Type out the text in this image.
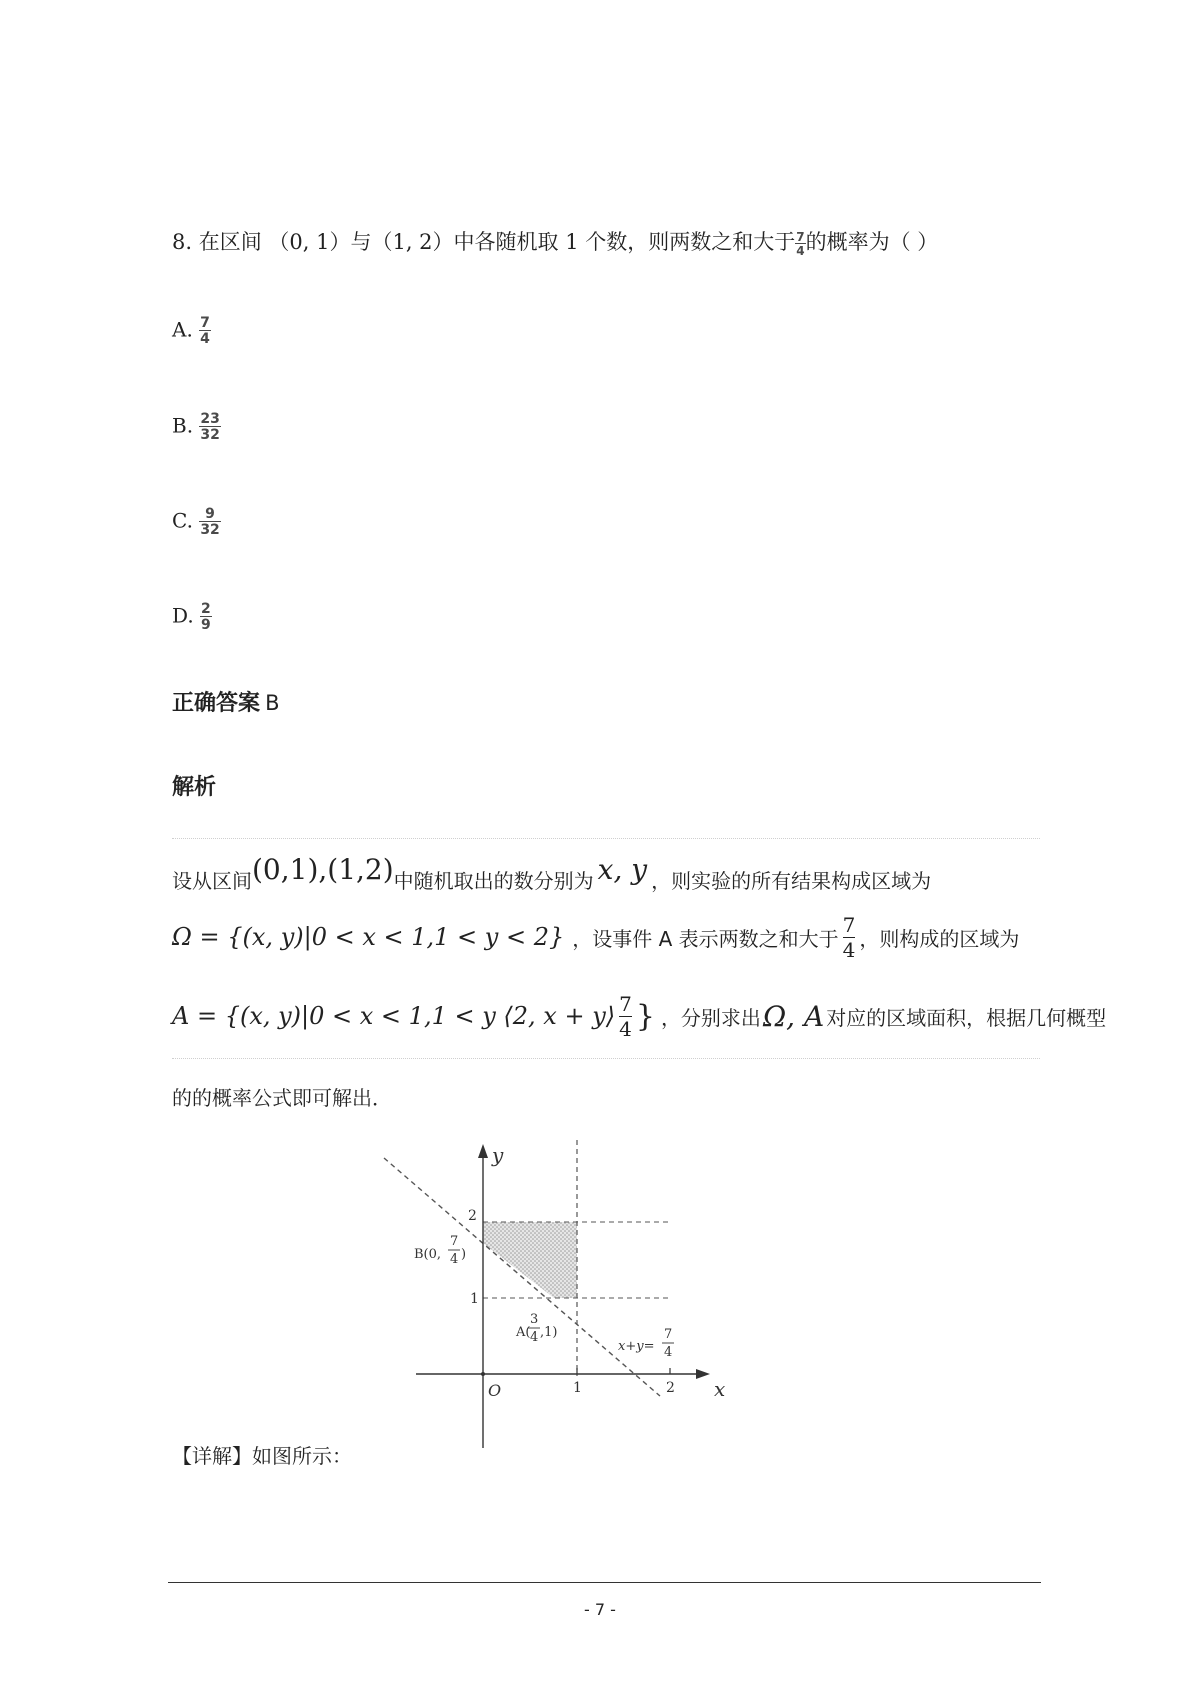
8. 在区间 （0, 1）与（1, 2）中各随机取 1 个数，则两数之和大于 $\frac{7}{4}$ 的概率为（ ）
A. $\frac{7}{4}$
B. $\frac{23}{32}$
C. $\frac{9}{32}$
D. $\frac{2}{9}$
正确答案 B
解析
设从区间 (0,1),(1,2) 中随机取出的数分别为 x, y ，则实验的所有结果构成区域为
Ω = {(x, y)|0 < x < 1,1 < y < 2} ，设事件 A 表示两数之和大于 $\frac{7}{4}$ ，则构成的区域为
A = {(x, y)|0 < x < 1,1 < y ⟨2, x + y⟩ $\frac{7}{4}$ } ，分别求出 Ω, A 对应的区域面积，根据几何概型
的的概率公式即可解出．
y
x
O
2
1
1	2
B(0,
7
4 )
A(
3
4 ,1)
x+y=
7
4
【详解】如图所示：
- 7 -
